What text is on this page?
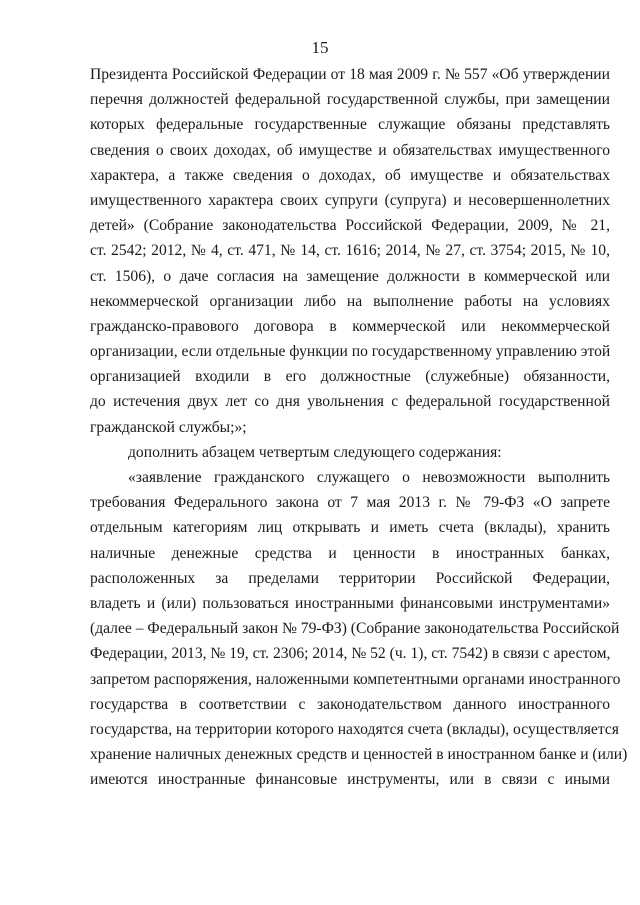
15
Президента Российской Федерации от 18 мая 2009 г. № 557 «Об утверждении
перечня должностей федеральной государственной службы, при замещении
которых федеральные государственные служащие обязаны представлять
сведения о своих доходах, об имуществе и обязательствах имущественного
характера, а также сведения о доходах, об имуществе и обязательствах
имущественного характера своих супруги (супруга) и несовершеннолетних
детей» (Собрание законодательства Российской Федерации, 2009, № 21,
ст. 2542; 2012, № 4, ст. 471, № 14, ст. 1616; 2014, № 27, ст. 3754; 2015, № 10,
ст. 1506), о даче согласия на замещение должности в коммерческой или
некоммерческой организации либо на выполнение работы на условиях
гражданско-правового договора в коммерческой или некоммерческой
организации, если отдельные функции по государственному управлению этой
организацией входили в его должностные (служебные) обязанности,
до истечения двух лет со дня увольнения с федеральной государственной
гражданской службы;»;
дополнить абзацем четвертым следующего содержания:
«заявление гражданского служащего о невозможности выполнить
требования Федерального закона от 7 мая 2013 г. № 79-ФЗ «О запрете
отдельным категориям лиц открывать и иметь счета (вклады), хранить
наличные денежные средства и ценности в иностранных банках,
расположенных за пределами территории Российской Федерации,
владеть и (или) пользоваться иностранными финансовыми инструментами»
(далее – Федеральный закон № 79-ФЗ) (Собрание законодательства Российской
Федерации, 2013, № 19, ст. 2306; 2014, № 52 (ч. 1), ст. 7542) в связи с арестом,
запретом распоряжения, наложенными компетентными органами иностранного
государства в соответствии с законодательством данного иностранного
государства, на территории которого находятся счета (вклады), осуществляется
хранение наличных денежных средств и ценностей в иностранном банке и (или)
имеются иностранные финансовые инструменты, или в связи с иными
